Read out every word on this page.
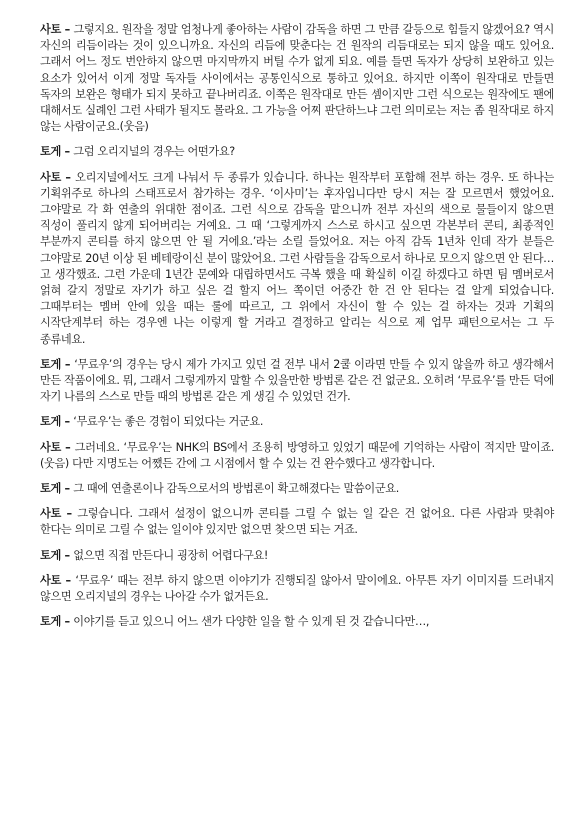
사토 – 그렇지요. 원작을 정말 엄청나게 좋아하는 사람이 감독을 하면 그 만큼 갈등으로 힘들지 않겠어요? 역시 자신의 리듬이라는 것이 있으니까요. 자신의 리듬에 맞춘다는 건 원작의 리듬대로는 되지 않을 때도 있어요. 그래서 어느 정도 번안하지 않으면 마지막까지 버틸 수가 없게 되요. 예를 들면 독자가 상당히 보완하고 있는 요소가 있어서 이게 정말 독자들 사이에서는 공통인식으로 통하고 있어요. 하지만 이쪽이 원작대로 만들면 독자의 보완은 형태가 되지 못하고 끝나버리죠. 이쪽은 원작대로 만든 셈이지만 그런 식으로는 원작에도 팬에 대해서도 실례인 그런 사태가 될지도 몰라요. 그 가능을 어찌 판단하느냐 그런 의미로는 저는 좀 원작대로 하지 않는 사람이군요.(웃음)

토게 – 그럼 오리지널의 경우는 어떤가요?

사토 – 오리지널에서도 크게 나눠서 두 종류가 있습니다. 하나는 원작부터 포함해 전부 하는 경우. 또 하나는 기획위주로 하나의 스태프로서 참가하는 경우. ‘이사미’는 후자입니다만 당시 저는 잘 모르면서 했었어요. 그야말로 각 화 연출의 위대한 점이죠. 그런 식으로 감독을 맡으니까 전부 자신의 색으로 물들이지 않으면 직성이 풀리지 않게 되어버리는 거예요. 그 때 ‘그렇게까지 스스로 하시고 싶으면 각본부터 콘티, 최종적인 부분까지 콘티를 하지 않으면 안 될 거에요.’라는 소릴 들었어요. 저는 아직 감독 1년차 인데 작가 분들은 그야말로 20년 이상 된 베테랑이신 분이 많았어요. 그런 사람들을 감독으로서 하나로 모으지 않으면 안 된다…고 생각했죠. 그런 가운데 1년간 문예와 대립하면서도 극복 했을 때 확실히 이길 하겠다고 하면 팀 멤버로서 얽혀 갈지 정말로 자기가 하고 싶은 걸 할지 어느 쪽이던 어중간 한 건 안 된다는 걸 알게 되었습니다. 그때부터는 멤버 안에 있을 때는 룰에 따르고, 그 위에서 자신이 할 수 있는 걸 하자는 것과 기획의 시작단계부터 하는 경우엔 나는 이렇게 할 거라고 결정하고 알리는 식으로 제 업무 패턴으로서는 그 두 종류네요.

토게 – ‘무료우’의 경우는 당시 제가 가지고 있던 걸 전부 내서 2쿨 이라면 만들 수 있지 않을까 하고 생각해서 만든 작품이에요. 뭐, 그래서 그렇게까지 말할 수 있을만한 방법론 같은 건 없군요. 오히려 ‘무료우’를 만든 덕에 자기 나름의 스스로 만들 때의 방법론 같은 게 생길 수 있었던 건가.

토게 – ‘무료우’는 좋은 경험이 되었다는 거군요.

사토 – 그러네요. ‘무료우’는 NHK의 BS에서 조용히 방영하고 있었기 때문에 기억하는 사람이 적지만 말이죠.(웃음) 다만 지명도는 어쨌든 간에 그 시점에서 할 수 있는 건 완수했다고 생각합니다.

토게 – 그 때에 연출론이나 감독으로서의 방법론이 확고해졌다는 말씀이군요.

사토 – 그렇습니다. 그래서 설정이 없으니까 콘티를 그릴 수 없는 일 같은 건 없어요. 다른 사람과 맞춰야 한다는 의미로 그릴 수 없는 일이야 있지만 없으면 찾으면 되는 거죠.

토게 – 없으면 직접 만든다니 굉장히 어렵다구요!

사토 – ‘무료우’ 때는 전부 하지 않으면 이야기가 진행되질 않아서 말이에요. 아무튼 자기 이미지를 드러내지 않으면 오리지널의 경우는 나아갈 수가 없거든요.

토게 – 이야기를 듣고 있으니 어느 샌가 다양한 일을 할 수 있게 된 것 같습니다만…,
